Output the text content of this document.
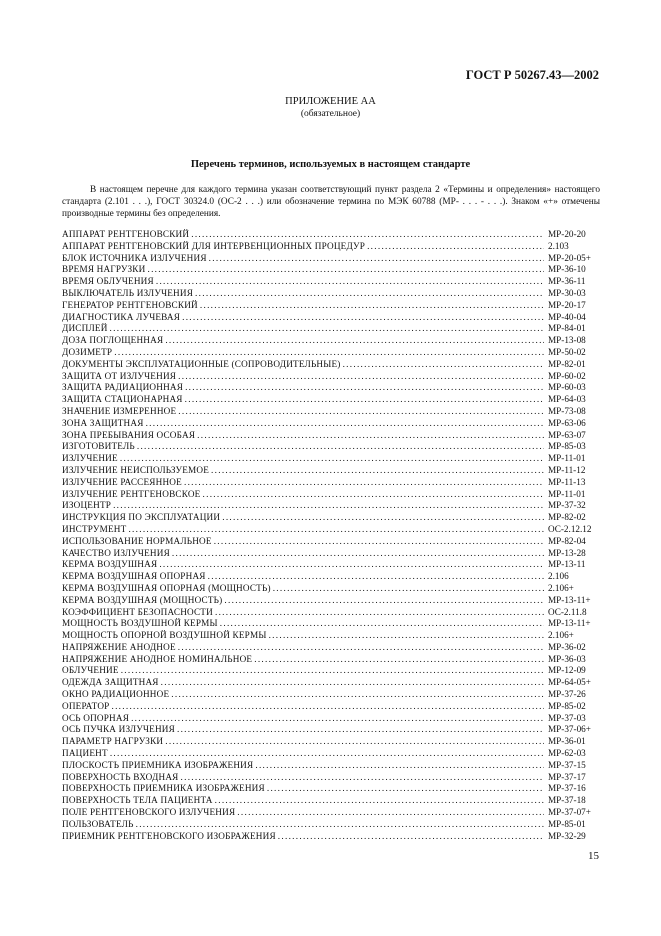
ГОСТ Р 50267.43—2002
ПРИЛОЖЕНИЕ АА
(обязательное)
Перечень терминов, используемых в настоящем стандарте
В настоящем перечне для каждого термина указан соответствующий пункт раздела 2 «Термины и определения» настоящего стандарта (2.101 . . .), ГОСТ 30324.0 (ОС-2 . . .) или обозначение термина по МЭК 60788 (МР- . . . - . . .). Знаком «+» отмечены производные термины без определения.
АППАРАТ РЕНТГЕНОВСКИЙ . . .	МР-20-20
АППАРАТ РЕНТГЕНОВСКИЙ ДЛЯ ИНТЕРВЕНЦИОННЫХ ПРОЦЕДУР . . .	2.103
БЛОК ИСТОЧНИКА ИЗЛУЧЕНИЯ . . .	МР-20-05+
ВРЕМЯ НАГРУЗКИ . . .	МР-36-10
ВРЕМЯ ОБЛУЧЕНИЯ . . .	МР-36-11
ВЫКЛЮЧАТЕЛЬ ИЗЛУЧЕНИЯ . . .	МР-30-03
ГЕНЕРАТОР РЕНТГЕНОВСКИЙ . . .	МР-20-17
ДИАГНОСТИКА ЛУЧЕВАЯ . . .	МР-40-04
ДИСПЛЕЙ . . .	МР-84-01
ДОЗА ПОГЛОЩЕННАЯ . . .	МР-13-08
ДОЗИМЕТР . . .	МР-50-02
ДОКУМЕНТЫ ЭКСПЛУАТАЦИОННЫЕ (СОПРОВОДИТЕЛЬНЫЕ) . . .	МР-82-01
ЗАЩИТА ОТ ИЗЛУЧЕНИЯ . . .	МР-60-02
ЗАЩИТА РАДИАЦИОННАЯ . . .	МР-60-03
ЗАЩИТА СТАЦИОНАРНАЯ . . .	МР-64-03
ЗНАЧЕНИЕ ИЗМЕРЕННОЕ . . .	МР-73-08
ЗОНА ЗАЩИТНАЯ . . .	МР-63-06
ЗОНА ПРЕБЫВАНИЯ ОСОБАЯ . . .	МР-63-07
ИЗГОТОВИТЕЛЬ . . .	МР-85-03
ИЗЛУЧЕНИЕ . . .	МР-11-01
ИЗЛУЧЕНИЕ НЕИСПОЛЬЗУЕМОЕ . . .	МР-11-12
ИЗЛУЧЕНИЕ РАССЕЯННОЕ . . .	МР-11-13
ИЗЛУЧЕНИЕ РЕНТГЕНОВСКОЕ . . .	МР-11-01
ИЗОЦЕНТР . . .	МР-37-32
ИНСТРУКЦИЯ ПО ЭКСПЛУАТАЦИИ . . .	МР-82-02
ИНСТРУМЕНТ . . .	ОС-2.12.12
ИСПОЛЬЗОВАНИЕ НОРМАЛЬНОЕ . . .	МР-82-04
КАЧЕСТВО ИЗЛУЧЕНИЯ . . .	МР-13-28
КЕРМА ВОЗДУШНАЯ . . .	МР-13-11
КЕРМА ВОЗДУШНАЯ ОПОРНАЯ . . .	2.106
КЕРМА ВОЗДУШНАЯ ОПОРНАЯ (МОЩНОСТЬ) . . .	2.106+
КЕРМА ВОЗДУШНАЯ (МОЩНОСТЬ) . . .	МР-13-11+
КОЭФФИЦИЕНТ БЕЗОПАСНОСТИ . . .	ОС-2.11.8
МОЩНОСТЬ ВОЗДУШНОЙ КЕРМЫ . . .	МР-13-11+
МОЩНОСТЬ ОПОРНОЙ ВОЗДУШНОЙ КЕРМЫ . . .	2.106+
НАПРЯЖЕНИЕ АНОДНОЕ . . .	МР-36-02
НАПРЯЖЕНИЕ АНОДНОЕ НОМИНАЛЬНОЕ . . .	МР-36-03
ОБЛУЧЕНИЕ . . .	МР-12-09
ОДЕЖДА ЗАЩИТНАЯ . . .	МР-64-05+
ОКНО РАДИАЦИОННОЕ . . .	МР-37-26
ОПЕРАТОР . . .	МР-85-02
ОСЬ ОПОРНАЯ . . .	МР-37-03
ОСЬ ПУЧКА ИЗЛУЧЕНИЯ . . .	МР-37-06+
ПАРАМЕТР НАГРУЗКИ . . .	МР-36-01
ПАЦИЕНТ . . .	МР-62-03
ПЛОСКОСТЬ ПРИЕМНИКА ИЗОБРАЖЕНИЯ . . .	МР-37-15
ПОВЕРХНОСТЬ ВХОДНАЯ . . .	МР-37-17
ПОВЕРХНОСТЬ ПРИЕМНИКА ИЗОБРАЖЕНИЯ . . .	МР-37-16
ПОВЕРХНОСТЬ ТЕЛА ПАЦИЕНТА . . .	МР-37-18
ПОЛЕ РЕНТГЕНОВСКОГО ИЗЛУЧЕНИЯ . . .	МР-37-07+
ПОЛЬЗОВАТЕЛЬ . . .	МР-85-01
ПРИЕМНИК РЕНТГЕНОВСКОГО ИЗОБРАЖЕНИЯ . . .	МР-32-29
15
